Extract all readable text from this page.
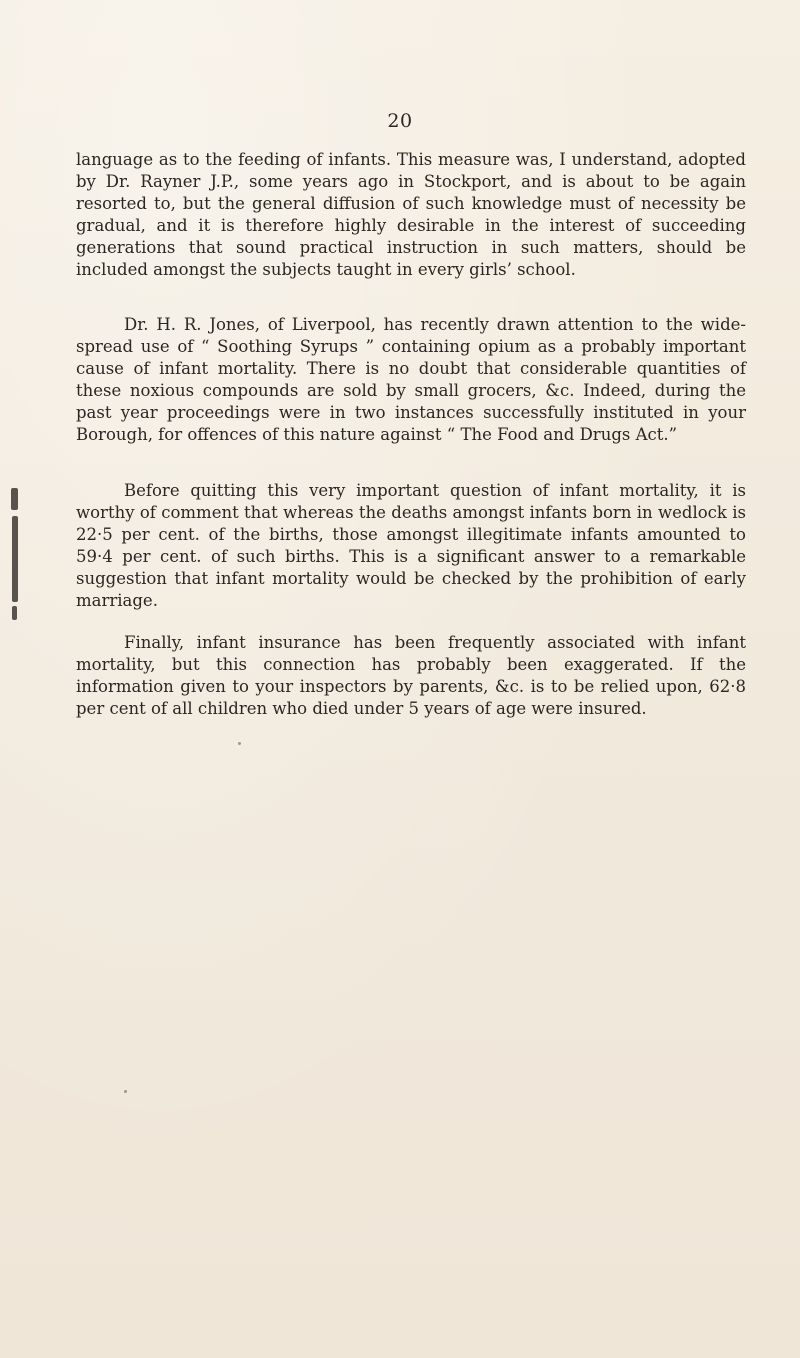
20

language as to the feeding of infants. This measure was, I understand, adopted by Dr. Rayner J.P., some years ago in Stockport, and is about to be again resorted to, but the general diffusion of such knowledge must of necessity be gradual, and it is therefore highly desirable in the interest of succeeding generations that sound practical instruction in such matters, should be included amongst the subjects taught in every girls’ school.

Dr. H. R. Jones, of Liverpool, has recently drawn attention to the wide-spread use of “ Soothing Syrups ” containing opium as a probably important cause of infant mortality. There is no doubt that considerable quantities of these noxious compounds are sold by small grocers, &c. Indeed, during the past year proceedings were in two instances successfully instituted in your Borough, for offences of this nature against “ The Food and Drugs Act.”

Before quitting this very important question of infant mortality, it is worthy of comment that whereas the deaths amongst infants born in wedlock is 22·5 per cent. of the births, those amongst illegitimate infants amounted to 59·4 per cent. of such births. This is a significant answer to a remarkable suggestion that infant mortality would be checked by the prohibition of early marriage.

Finally, infant insurance has been frequently associated with infant mortality, but this connection has probably been exaggerated. If the information given to your inspectors by parents, &c. is to be relied upon, 62·8 per cent of all children who died under 5 years of age were insured.
